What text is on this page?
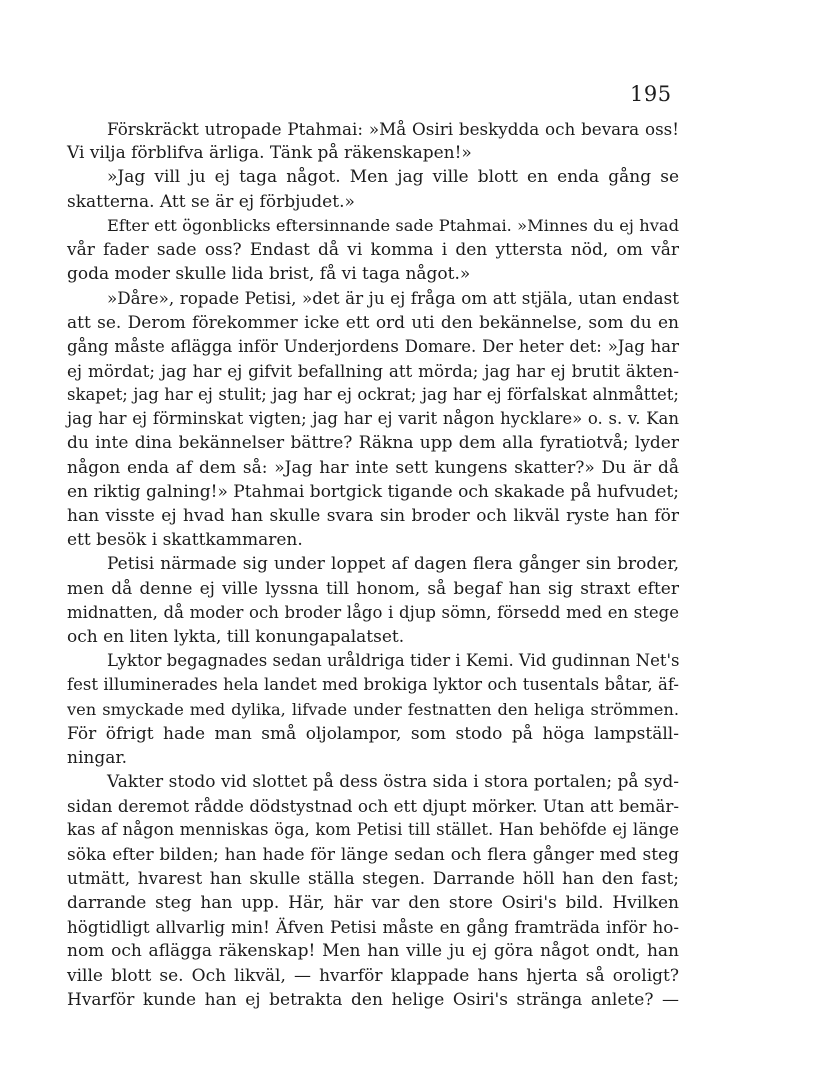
195
Förskräckt utropade Ptahmai: »Må Osiri beskydda och bevara oss!
Vi vilja förblifva ärliga. Tänk på räkenskapen!»
»Jag vill ju ej taga något. Men jag ville blott en enda gång se
skatterna. Att se är ej förbjudet.»
Efter ett ögonblicks eftersinnande sade Ptahmai. »Minnes du ej hvad
vår fader sade oss? Endast då vi komma i den yttersta nöd, om vår
goda moder skulle lida brist, få vi taga något.»
»Dåre», ropade Petisi, »det är ju ej fråga om att stjäla, utan endast
att se. Derom förekommer icke ett ord uti den bekännelse, som du en
gång måste aflägga inför Underjordens Domare. Der heter det: »Jag har
ej mördat; jag har ej gifvit befallning att mörda; jag har ej brutit äkten-
skapet; jag har ej stulit; jag har ej ockrat; jag har ej förfalskat alnmåttet;
jag har ej förminskat vigten; jag har ej varit någon hycklare» o. s. v. Kan
du inte dina bekännelser bättre? Räkna upp dem alla fyratiotvå; lyder
någon enda af dem så: »Jag har inte sett kungens skatter?» Du är då
en riktig galning!» Ptahmai bortgick tigande och skakade på hufvudet;
han visste ej hvad han skulle svara sin broder och likväl ryste han för
ett besök i skattkammaren.
Petisi närmade sig under loppet af dagen flera gånger sin broder,
men då denne ej ville lyssna till honom, så begaf han sig straxt efter
midnatten, då moder och broder lågo i djup sömn, försedd med en stege
och en liten lykta, till konungapalatset.
Lyktor begagnades sedan uråldriga tider i Kemi. Vid gudinnan Net's
fest illuminerades hela landet med brokiga lyktor och tusentals båtar, äf-
ven smyckade med dylika, lifvade under festnatten den heliga strömmen.
För öfrigt hade man små oljolampor, som stodo på höga lampställ-
ningar.
Vakter stodo vid slottet på dess östra sida i stora portalen; på syd-
sidan deremot rådde dödstystnad och ett djupt mörker. Utan att bemär-
kas af någon menniskas öga, kom Petisi till stället. Han behöfde ej länge
söka efter bilden; han hade för länge sedan och flera gånger med steg
utmätt, hvarest han skulle ställa stegen. Darrande höll han den fast;
darrande steg han upp. Här, här var den store Osiri's bild. Hvilken
högtidligt allvarlig min! Äfven Petisi måste en gång framträda inför ho-
nom och aflägga räkenskap! Men han ville ju ej göra något ondt, han
ville blott se. Och likväl, — hvarför klappade hans hjerta så oroligt?
Hvarför kunde han ej betrakta den helige Osiri's stränga anlete? —
